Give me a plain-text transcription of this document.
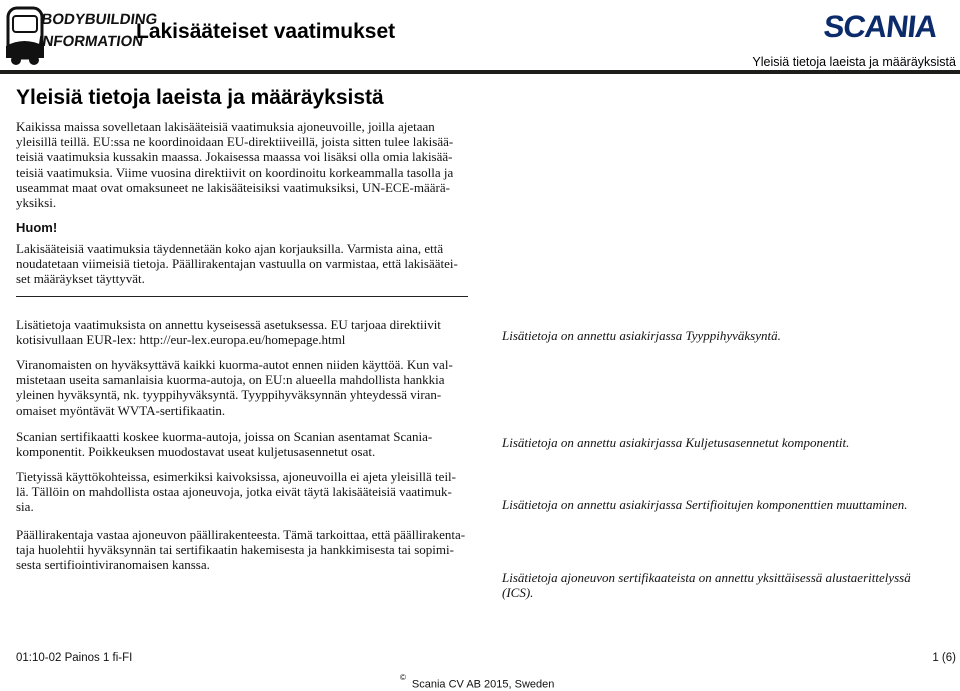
BODYBUILDING
INFORMATION
Lakisääteiset vaatimukset	SCANIA
Yleisiä tietoja laeista ja määräyksistä
Yleisiä tietoja laeista ja määräyksistä

Kaikissa maissa sovelletaan lakisääteisiä vaatimuksia ajoneuvoille, joilla ajetaan

yleisillä teillä. EU:ssa ne koordinoidaan EU-direktiiveillä, joista sitten tulee lakisää-

teisiä vaatimuksia kussakin maassa. Jokaisessa maassa voi lisäksi olla omia lakisää-

teisiä vaatimuksia. Viime vuosina direktiivit on koordinoitu korkeammalla tasolla ja

useammat maat ovat omaksuneet ne lakisääteisiksi vaatimuksiksi, UN-ECE-määrä-

yksiksi.

Huom!

Lakisääteisiä vaatimuksia täydennetään koko ajan korjauksilla. Varmista aina, että

noudatetaan viimeisiä tietoja. Päällirakentajan vastuulla on varmistaa, että lakisäätei-

set määräykset täyttyvät.

Lisätietoja vaatimuksista on annettu kyseisessä asetuksessa. EU tarjoaa direktiivit

kotisivullaan EUR-lex: http://eur-lex.europa.eu/homepage.html	Lisätietoja on annettu asiakirjassa Tyyppihyväksyntä.

Viranomaisten on hyväksyttävä kaikki kuorma-autot ennen niiden käyttöä. Kun val-

mistetaan useita samanlaisia kuorma-autoja, on EU:n alueella mahdollista hankkia

yleinen hyväksyntä, nk. tyyppihyväksyntä. Tyyppihyväksynnän yhteydessä viran-

omaiset myöntävät WVTA-sertifikaatin.

Scanian sertifikaatti koskee kuorma-autoja, joissa on Scanian asentamat Scania-

komponentit. Poikkeuksen muodostavat useat kuljetusasennetut osat.

Lisätietoja on annettu asiakirjassa Kuljetusasennetut komponentit.

Tietyissä käyttökohteissa, esimerkiksi kaivoksissa, ajoneuvoilla ei ajeta yleisillä teil-

lä. Tällöin on mahdollista ostaa ajoneuvoja, jotka eivät täytä lakisääteisiä vaatimuk-

sia.	Lisätietoja on annettu asiakirjassa Sertifioitujen komponenttien muuttaminen.

Päällirakentaja vastaa ajoneuvon päällirakenteesta. Tämä tarkoittaa, että päällirakenta-

taja huolehtii hyväksynnän tai sertifikaatin hakemisesta ja hankkimisesta tai sopimi-

sesta sertifiointiviranomaisen kanssa.

Lisätietoja ajoneuvon sertifikaateista on annettu yksittäisessä alustaerittelyssä
(ICS).
01:10-02 Painos 1 fi-FI	1 (6)
©Scania CV AB 2015, Sweden
